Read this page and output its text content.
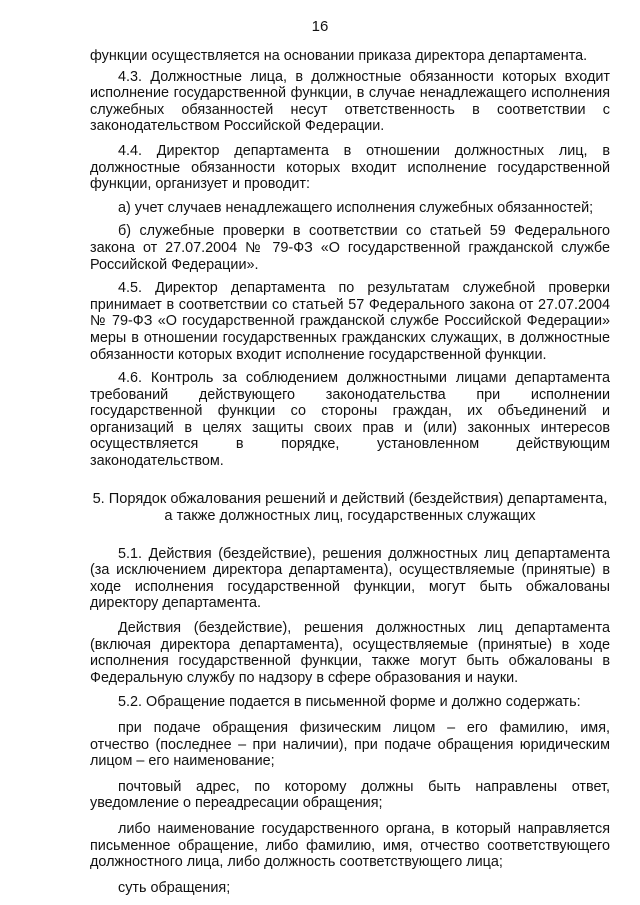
16

функции осуществляется на основании приказа директора департамента.

4.3. Должностные лица, в должностные обязанности которых входит исполнение государственной функции, в случае ненадлежащего исполнения служебных обязанностей несут ответственность в соответствии с законодательством Российской Федерации.

4.4. Директор департамента в отношении должностных лиц, в должностные обязанности которых входит исполнение государственной функции, организует и проводит:

а) учет случаев ненадлежащего исполнения служебных обязанностей;

б) служебные проверки в соответствии со статьей 59 Федерального закона от 27.07.2004 № 79-ФЗ «О государственной гражданской службе Российской Федерации».

4.5. Директор департамента по результатам служебной проверки принимает в соответствии со статьей 57 Федерального закона от 27.07.2004 № 79-ФЗ «О государственной гражданской службе Российской Федерации» меры в отношении государственных гражданских служащих, в должностные обязанности которых входит исполнение государственной функции.

4.6. Контроль за соблюдением должностными лицами департамента требований действующего законодательства при исполнении государственной функции со стороны граждан, их объединений и организаций в целях защиты своих прав и (или) законных интересов осуществляется в порядке, установленном действующим законодательством.

5. Порядок обжалования решений и действий (бездействия) департамента, а также должностных лиц, государственных служащих

5.1. Действия (бездействие), решения должностных лиц департамента (за исключением директора департамента), осуществляемые (принятые) в ходе исполнения государственной функции, могут быть обжалованы директору департамента.

Действия (бездействие), решения должностных лиц департамента (включая директора департамента), осуществляемые (принятые) в ходе исполнения государственной функции, также могут быть обжалованы в Федеральную службу по надзору в сфере образования и науки.

5.2. Обращение подается в письменной форме и должно содержать:

при подаче обращения физическим лицом – его фамилию, имя, отчество (последнее – при наличии), при подаче обращения юридическим лицом – его наименование;

почтовый адрес, по которому должны быть направлены ответ, уведомление о переадресации обращения;

либо наименование государственного органа, в который направляется письменное обращение, либо фамилию, имя, отчество соответствующего должностного лица, либо должность соответствующего лица;

суть обращения;
